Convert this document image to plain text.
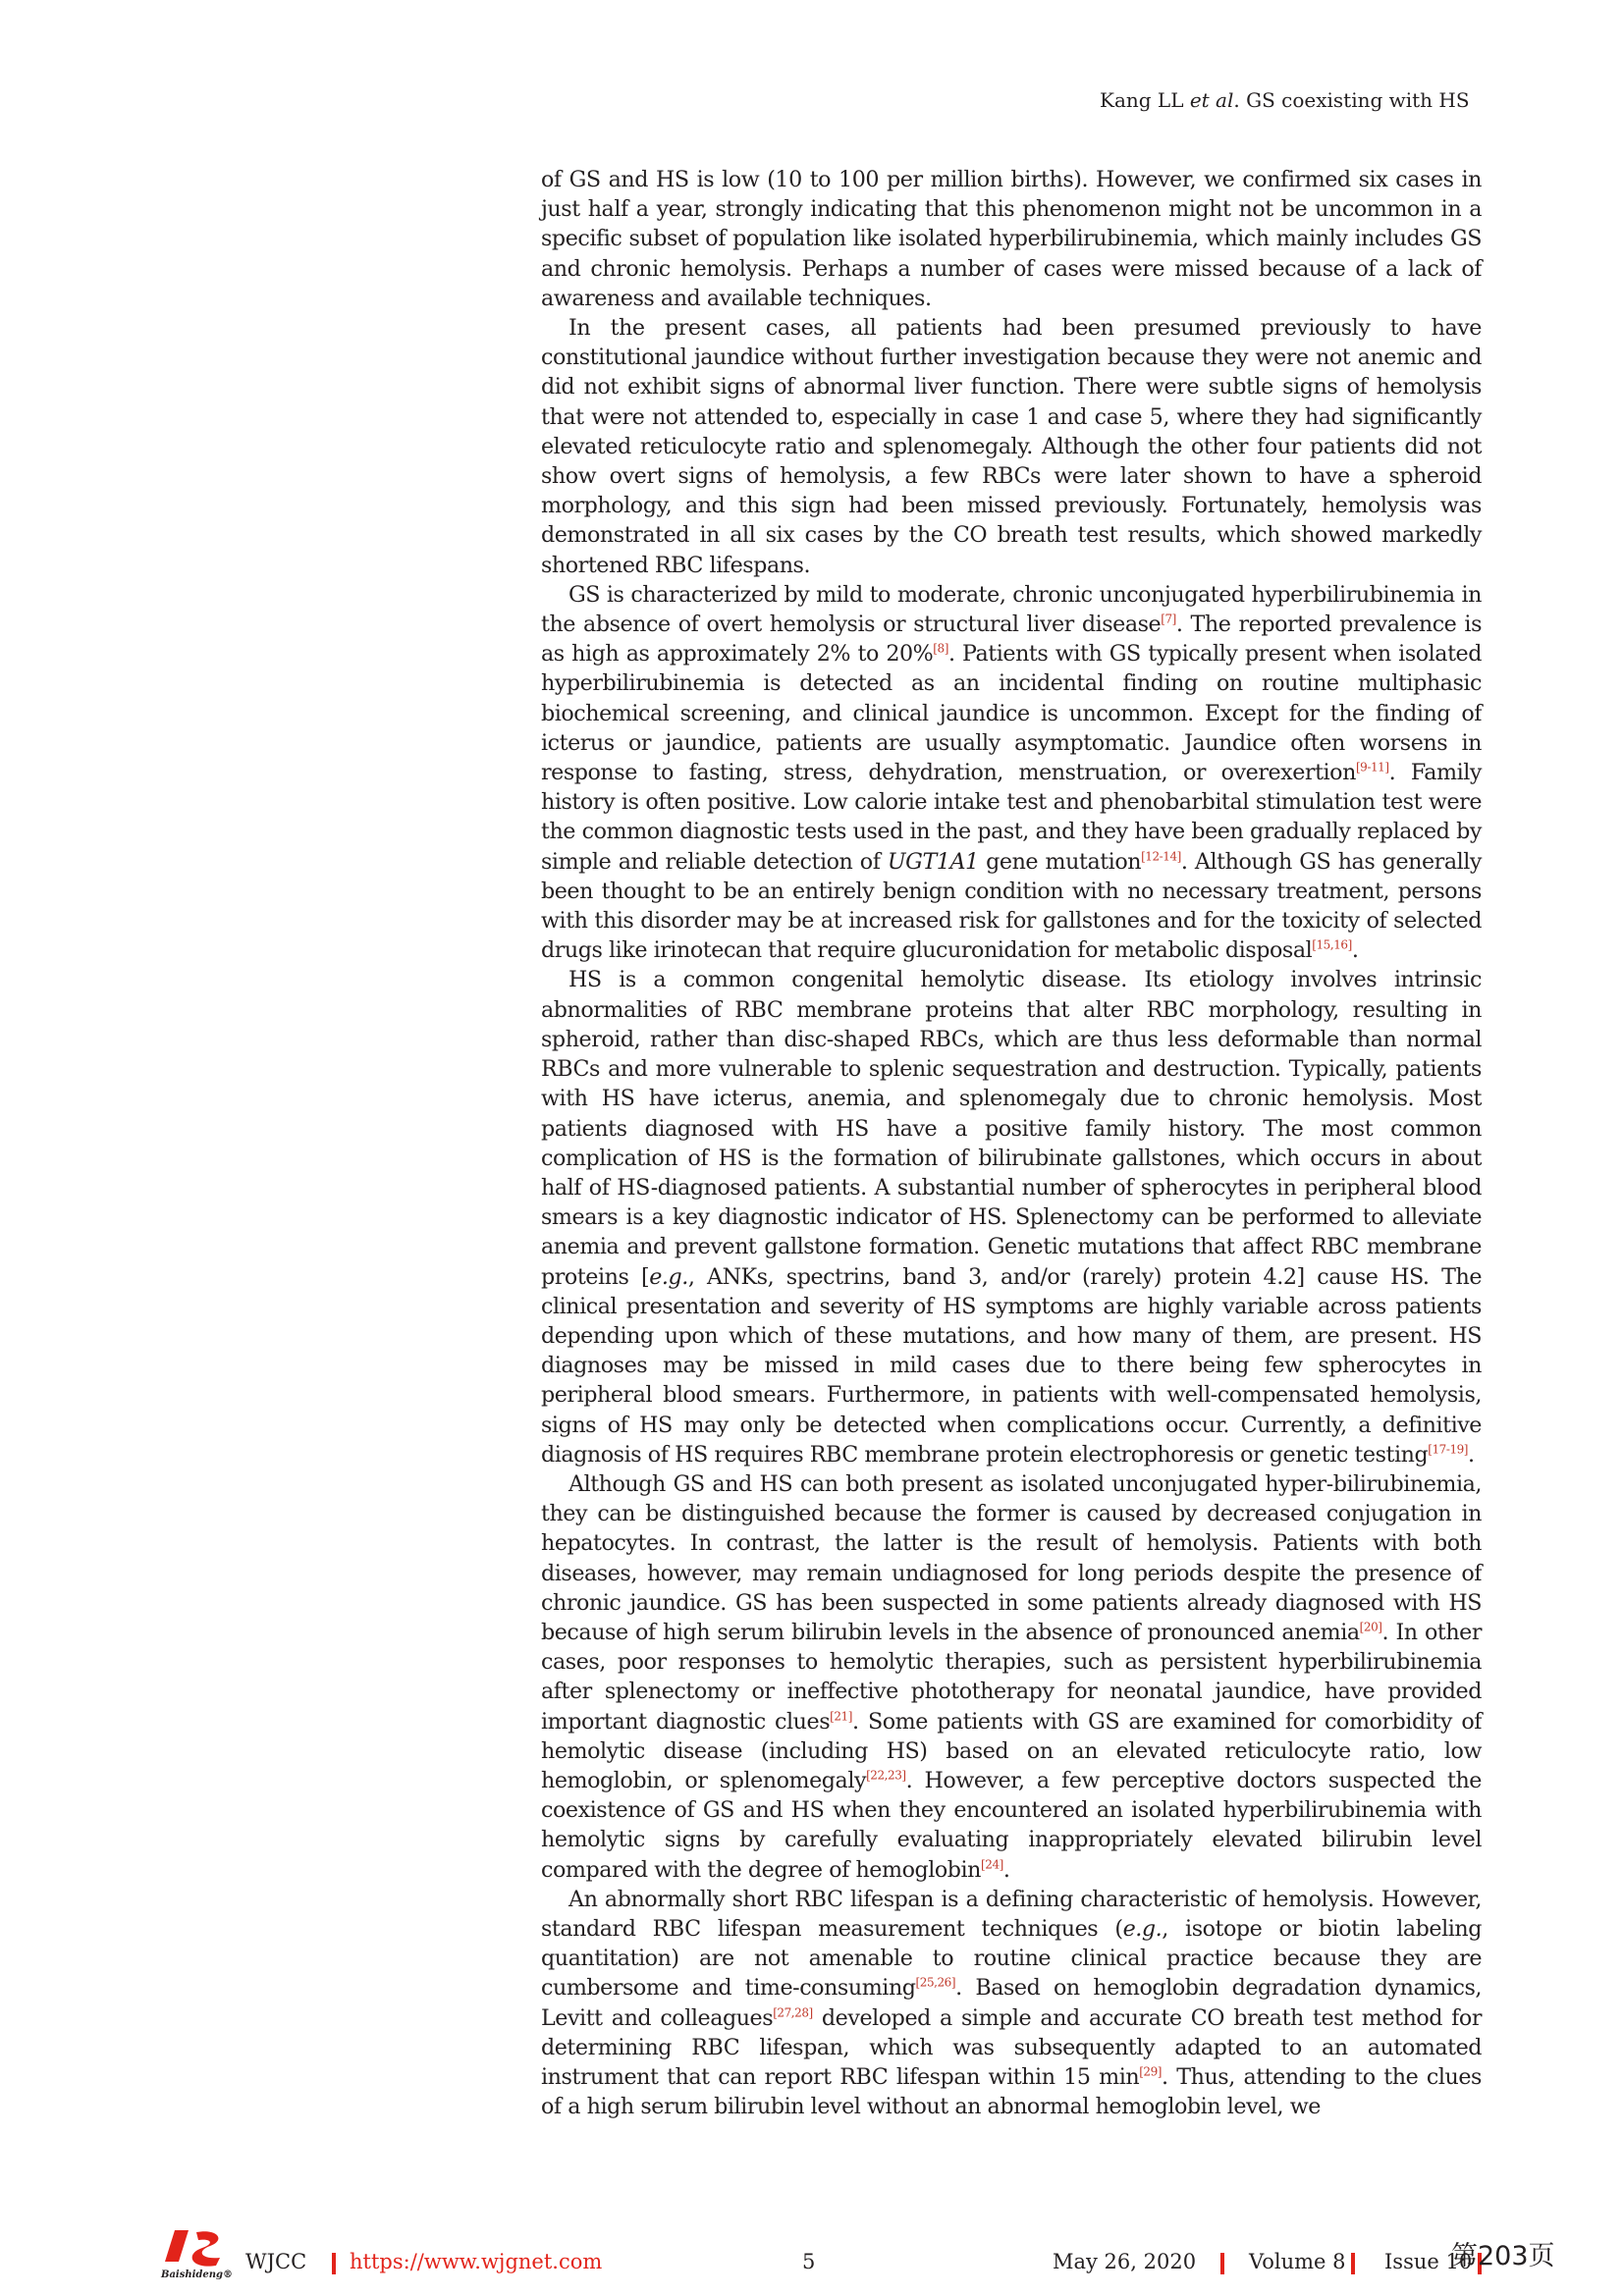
Kang LL et al. GS coexisting with HS

of GS and HS is low (10 to 100 per million births). However, we confirmed six cases in just half a year, strongly indicating that this phenomenon might not be uncommon in a specific subset of population like isolated hyperbilirubinemia, which mainly includes GS and chronic hemolysis. Perhaps a number of cases were missed because of a lack of awareness and available techniques.

In the present cases, all patients had been presumed previously to have constitutional jaundice without further investigation because they were not anemic and did not exhibit signs of abnormal liver function. There were subtle signs of hemolysis that were not attended to, especially in case 1 and case 5, where they had significantly elevated reticulocyte ratio and splenomegaly. Although the other four patients did not show overt signs of hemolysis, a few RBCs were later shown to have a spheroid morphology, and this sign had been missed previously. Fortunately, hemolysis was demonstrated in all six cases by the CO breath test results, which showed markedly shortened RBC lifespans.

GS is characterized by mild to moderate, chronic unconjugated hyperbilirubinemia in the absence of overt hemolysis or structural liver disease[7]. The reported prevalence is as high as approximately 2% to 20%[8]. Patients with GS typically present when isolated hyperbilirubinemia is detected as an incidental finding on routine multiphasic biochemical screening, and clinical jaundice is uncommon. Except for the finding of icterus or jaundice, patients are usually asymptomatic. Jaundice often worsens in response to fasting, stress, dehydration, menstruation, or overexertion[9-11]. Family history is often positive. Low calorie intake test and phenobarbital stimulation test were the common diagnostic tests used in the past, and they have been gradually replaced by simple and reliable detection of UGT1A1 gene mutation[12-14]. Although GS has generally been thought to be an entirely benign condition with no necessary treatment, persons with this disorder may be at increased risk for gallstones and for the toxicity of selected drugs like irinotecan that require glucuronidation for metabolic disposal[15,16].

HS is a common congenital hemolytic disease. Its etiology involves intrinsic abnormalities of RBC membrane proteins that alter RBC morphology, resulting in spheroid, rather than disc-shaped RBCs, which are thus less deformable than normal RBCs and more vulnerable to splenic sequestration and destruction. Typically, patients with HS have icterus, anemia, and splenomegaly due to chronic hemolysis. Most patients diagnosed with HS have a positive family history. The most common complication of HS is the formation of bilirubinate gallstones, which occurs in about half of HS-diagnosed patients. A substantial number of spherocytes in peripheral blood smears is a key diagnostic indicator of HS. Splenectomy can be performed to alleviate anemia and prevent gallstone formation. Genetic mutations that affect RBC membrane proteins [e.g., ANKs, spectrins, band 3, and/or (rarely) protein 4.2] cause HS. The clinical presentation and severity of HS symptoms are highly variable across patients depending upon which of these mutations, and how many of them, are present. HS diagnoses may be missed in mild cases due to there being few spherocytes in peripheral blood smears. Furthermore, in patients with well-compensated hemolysis, signs of HS may only be detected when complications occur. Currently, a definitive diagnosis of HS requires RBC membrane protein electrophoresis or genetic testing[17-19].

Although GS and HS can both present as isolated unconjugated hyper-bilirubinemia, they can be distinguished because the former is caused by decreased conjugation in hepatocytes. In contrast, the latter is the result of hemolysis. Patients with both diseases, however, may remain undiagnosed for long periods despite the presence of chronic jaundice. GS has been suspected in some patients already diagnosed with HS because of high serum bilirubin levels in the absence of pronounced anemia[20]. In other cases, poor responses to hemolytic therapies, such as persistent hyperbilirubinemia after splenectomy or ineffective phototherapy for neonatal jaundice, have provided important diagnostic clues[21]. Some patients with GS are examined for comorbidity of hemolytic disease (including HS) based on an elevated reticulocyte ratio, low hemoglobin, or splenomegaly[22,23]. However, a few perceptive doctors suspected the coexistence of GS and HS when they encountered an isolated hyperbilirubinemia with hemolytic signs by carefully evaluating inappropriately elevated bilirubin level compared with the degree of hemoglobin[24].

An abnormally short RBC lifespan is a defining characteristic of hemolysis. However, standard RBC lifespan measurement techniques (e.g., isotope or biotin labeling quantitation) are not amenable to routine clinical practice because they are cumbersome and time-consuming[25,26]. Based on hemoglobin degradation dynamics, Levitt and colleagues[27,28] developed a simple and accurate CO breath test method for determining RBC lifespan, which was subsequently adapted to an automated instrument that can report RBC lifespan within 15 min[29]. Thus, attending to the clues of a high serum bilirubin level without an abnormal hemoglobin level, we

Baishideng®
WJCC https://www.wjgnet.com	5	May 26, 2020	Volume 8 Issue 10
第203页
